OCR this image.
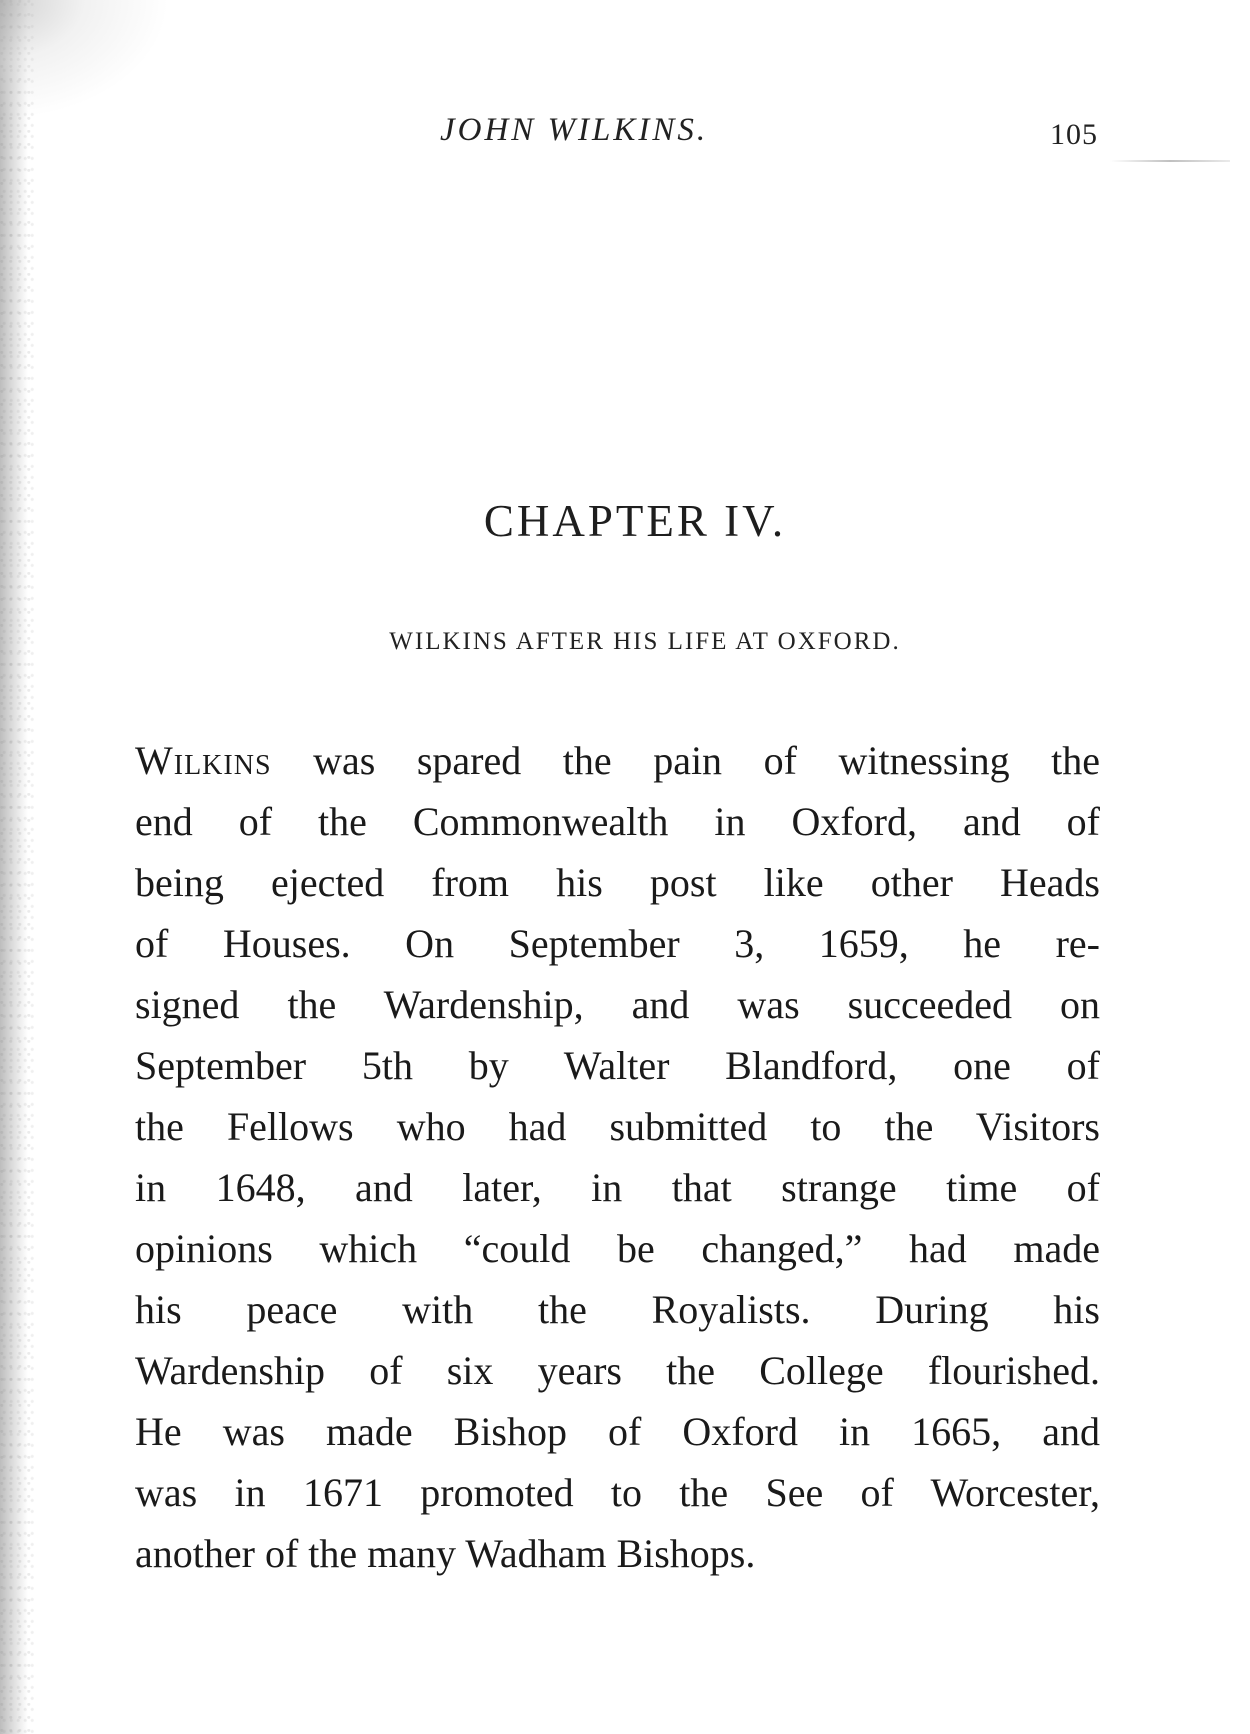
JOHN WILKINS.	105
CHAPTER IV.
WILKINS AFTER HIS LIFE AT OXFORD.
Wilkins was spared the pain of witnessing the
end of the Commonwealth in Oxford, and of
being ejected from his post like other Heads
of Houses. On September 3, 1659, he re-
signed the Wardenship, and was succeeded on
September 5th by Walter Blandford, one of
the Fellows who had submitted to the Visitors
in 1648, and later, in that strange time of
opinions which “could be changed,” had made
his peace with the Royalists. During his
Wardenship of six years the College flourished.
He was made Bishop of Oxford in 1665, and
was in 1671 promoted to the See of Worcester,
another of the many Wadham Bishops.
